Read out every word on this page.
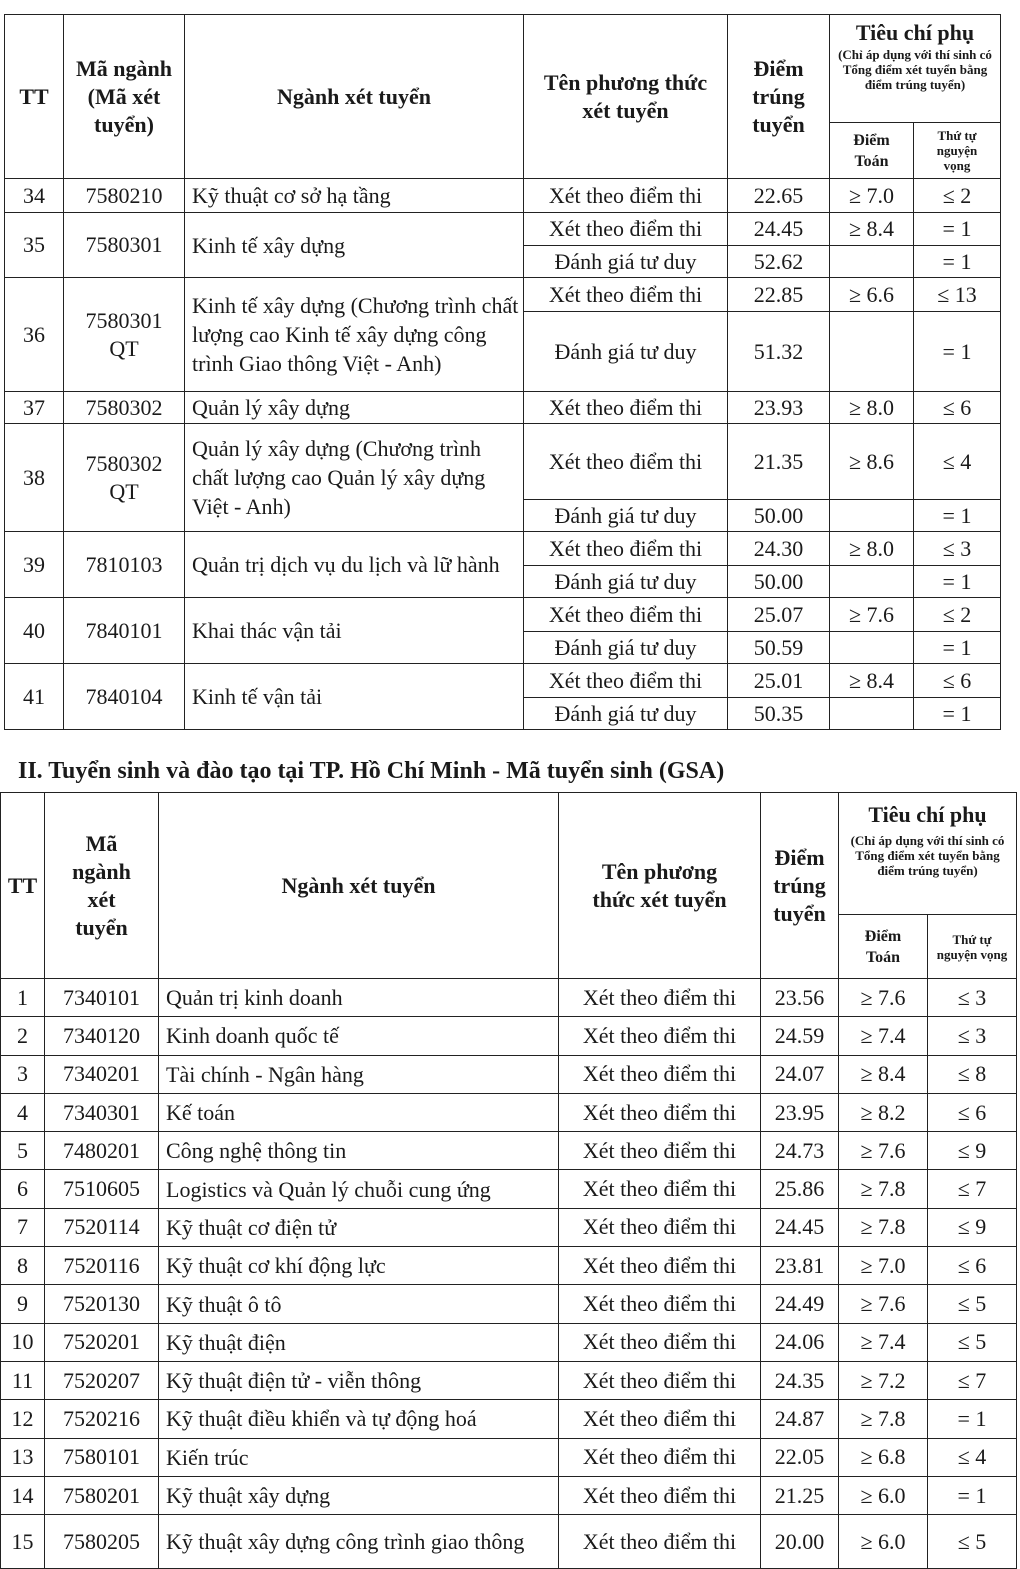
TT	Mã ngành (Mã xét tuyển)	Ngành xét tuyển	Tên phương thức xét tuyển	Điểm trúng tuyển	Tiêu chí phụ
(Chỉ áp dụng với thí sinh có Tổng điểm xét tuyển bằng điểm trúng tuyển)	

					Điểm Toán	Thứ tự nguyện vọng
34	7580210	Kỹ thuật cơ sở hạ tầng	Xét theo điểm thi	22.65	≥ 7.0	≤ 2
35	7580301	Kinh tế xây dựng	Xét theo điểm thi	24.45	≥ 8.4	= 1
			Đánh giá tư duy	52.62		= 1
36	7580301 QT	Kinh tế xây dựng (Chương trình chất lượng cao Kinh tế xây dựng công trình Giao thông Việt - Anh)	Xét theo điểm thi	22.85	≥ 6.6	≤ 13
			Đánh giá tư duy	51.32		= 1
37	7580302	Quản lý xây dựng	Xét theo điểm thi	23.93	≥ 8.0	≤ 6
38	7580302 QT	Quản lý xây dựng (Chương trình chất lượng cao Quản lý xây dựng Việt - Anh)	Xét theo điểm thi	21.35	≥ 8.6	≤ 4
			Đánh giá tư duy	50.00		= 1
39	7810103	Quản trị dịch vụ du lịch và lữ hành	Xét theo điểm thi	24.30	≥ 8.0	≤ 3
			Đánh giá tư duy	50.00		= 1
40	7840101	Khai thác vận tải	Xét theo điểm thi	25.07	≥ 7.6	≤ 2
			Đánh giá tư duy	50.59		= 1
41	7840104	Kinh tế vận tải	Xét theo điểm thi	25.01	≥ 8.4	≤ 6
			Đánh giá tư duy	50.35		= 1
II. Tuyển sinh và đào tạo tại TP. Hồ Chí Minh - Mã tuyển sinh (GSA)
TT	Mã ngành xét tuyển	Ngành xét tuyển	Tên phương thức xét tuyển	Điểm trúng tuyển	Tiêu chí phụ
(Chỉ áp dụng với thí sinh có Tổng điểm xét tuyển bằng điểm trúng tuyển)	

					Điểm Toán	Thứ tự nguyện vọng
1	7340101	Quản trị kinh doanh	Xét theo điểm thi	23.56	≥ 7.6	≤ 3
2	7340120	Kinh doanh quốc tế	Xét theo điểm thi	24.59	≥ 7.4	≤ 3
3	7340201	Tài chính - Ngân hàng	Xét theo điểm thi	24.07	≥ 8.4	≤ 8
4	7340301	Kế toán	Xét theo điểm thi	23.95	≥ 8.2	≤ 6
5	7480201	Công nghệ thông tin	Xét theo điểm thi	24.73	≥ 7.6	≤ 9
6	7510605	Logistics và Quản lý chuỗi cung ứng	Xét theo điểm thi	25.86	≥ 7.8	≤ 7
7	7520114	Kỹ thuật cơ điện tử	Xét theo điểm thi	24.45	≥ 7.8	≤ 9
8	7520116	Kỹ thuật cơ khí động lực	Xét theo điểm thi	23.81	≥ 7.0	≤ 6
9	7520130	Kỹ thuật ô tô	Xét theo điểm thi	24.49	≥ 7.6	≤ 5
10	7520201	Kỹ thuật điện	Xét theo điểm thi	24.06	≥ 7.4	≤ 5
11	7520207	Kỹ thuật điện tử - viễn thông	Xét theo điểm thi	24.35	≥ 7.2	≤ 7
12	7520216	Kỹ thuật điều khiển và tự động hoá	Xét theo điểm thi	24.87	≥ 7.8	= 1
13	7580101	Kiến trúc	Xét theo điểm thi	22.05	≥ 6.8	≤ 4
14	7580201	Kỹ thuật xây dựng	Xét theo điểm thi	21.25	≥ 6.0	= 1
15	7580205	Kỹ thuật xây dựng công trình giao thông	Xét theo điểm thi	20.00	≥ 6.0	≤ 5
